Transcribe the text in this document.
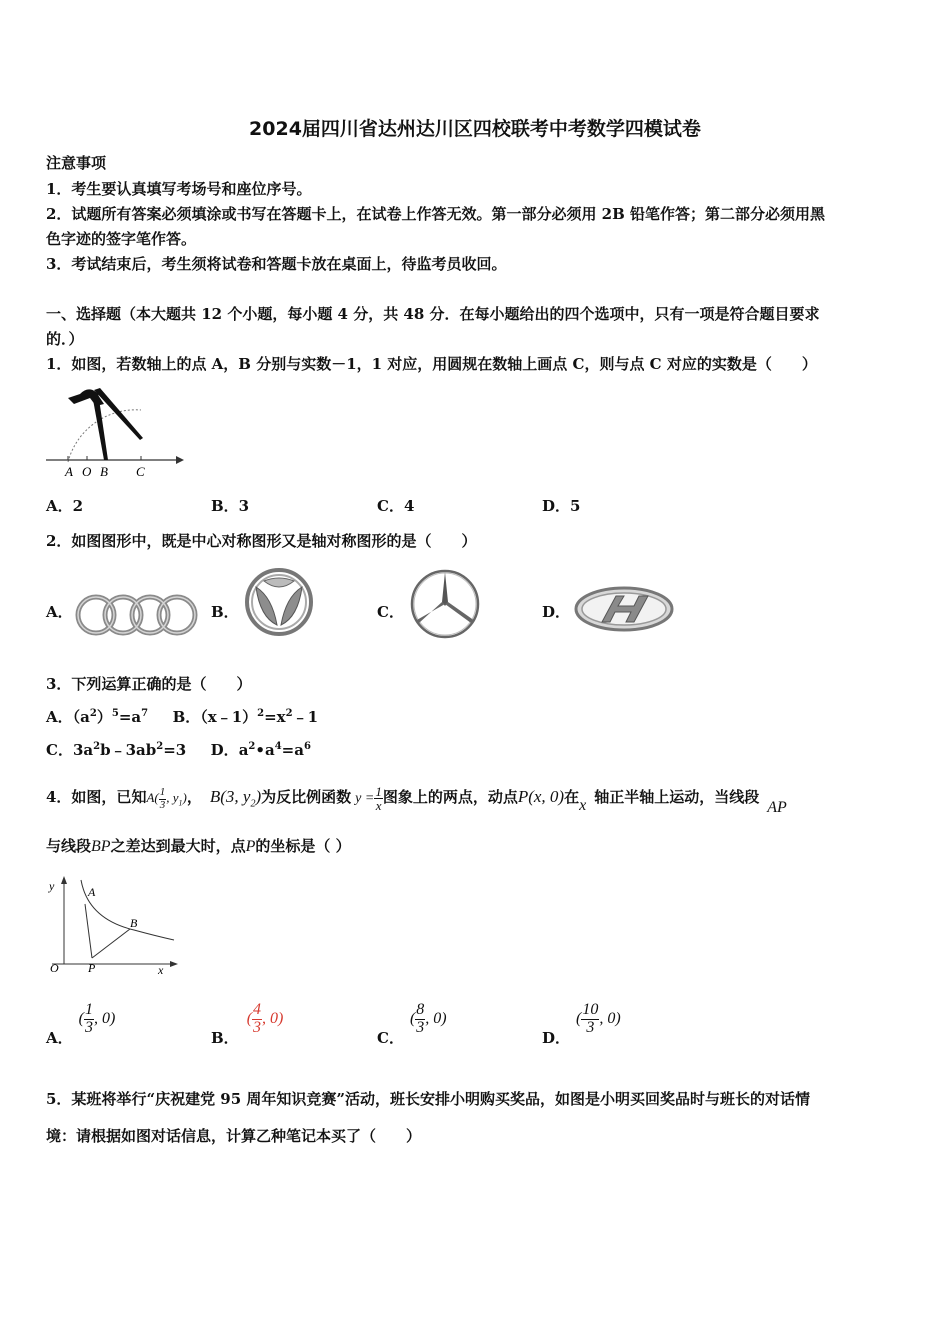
2024届四川省达州达川区四校联考中考数学四模试卷
注意事项
1．考生要认真填写考场号和座位序号。
2．试题所有答案必须填涂或书写在答题卡上，在试卷上作答无效。第一部分必须用 2B 铅笔作答；第二部分必须用黑
色字迹的签字笔作答。
3．考试结束后，考生须将试卷和答题卡放在桌面上，待监考员收回。
一、选择题（本大题共 12 个小题，每小题 4 分，共 48 分．在每小题给出的四个选项中，只有一项是符合题目要求
的．）
1．如图，若数轴上的点 A，B 分别与实数－1，1 对应，用圆规在数轴上画点 C，则与点 C 对应的实数是（　　）
A O B C
A．2	B．3	C．4	D．5
2．如图图形中，既是中心对称图形又是轴对称图形的是（　　）
A．	B．	C．	D．
3．下列运算正确的是（　　）
A．$(a^2)^5=a^7$ B．$(x﹣1)^2=x^2﹣1$
C．$3a^2b﹣3ab^2=3$ D．$a^2•a^4=a^6$
4．如图，已知$A( \frac{1}{3}$ , $y_1$)， B(3, $y_2$)为反比例函数 $y = \frac{1}{x}$ 图象上的两点，动点P(x, 0)在x 轴正半轴上运动，当线段AP
与线段BP之差达到最大时，点P的坐标是（ ）
y	A
B
O P	x
A．( $\frac{1}{3}$ , 0)
B．( $\frac{4}{3}$ , 0)
C．( $\frac{8}{3}$ , 0)
D．( $\frac{10}{3}$ , 0)
5．某班将举行“庆祝建党 95 周年知识竞赛”活动，班长安排小明购买奖品，如图是小明买回奖品时与班长的对话情
境：请根据如图对话信息，计算乙种笔记本买了（　　）
